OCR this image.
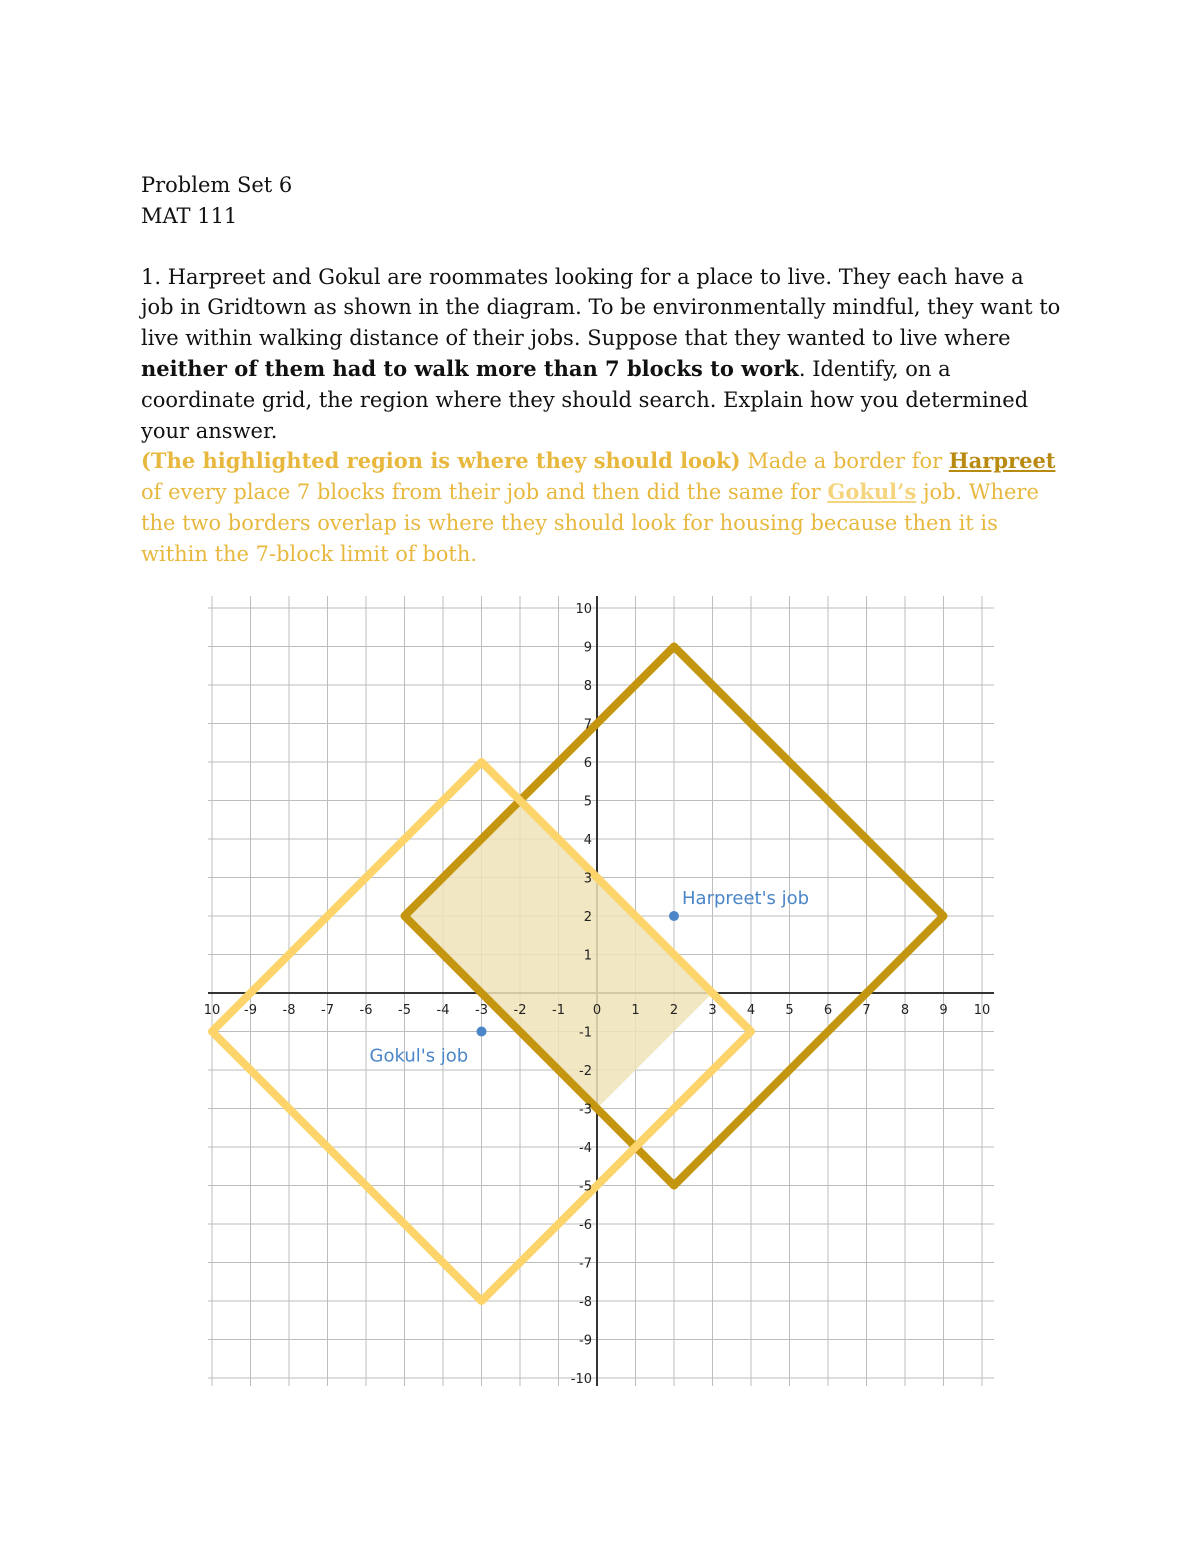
Problem Set 6

MAT 111

1. Harpreet and Gokul are roommates looking for a place to live. They each have a job in Gridtown as shown in the diagram. To be environmentally mindful, they want to live within walking distance of their jobs. Suppose that they wanted to live where neither of them had to walk more than 7 blocks to work. Identify, on a coordinate grid, the region where they should search. Explain how you determined your answer.

(The highlighted region is where they should look) Made a border for Harpreet of every place 7 blocks from their job and then did the same for Gokul’s job. Where the two borders overlap is where they should look for housing because then it is within the 7-block limit of both.

10 -9 -8 -7 -6 -5 -4 -3 -2 -1 0 1 2 3 4 5 6 7 8 9 10
10
9
8
7
6
5
4
3
2
1
-1
-2
-3
-4
-5
-6
-7
-8
-9
-10
Harpreet's job
Gokul's job
